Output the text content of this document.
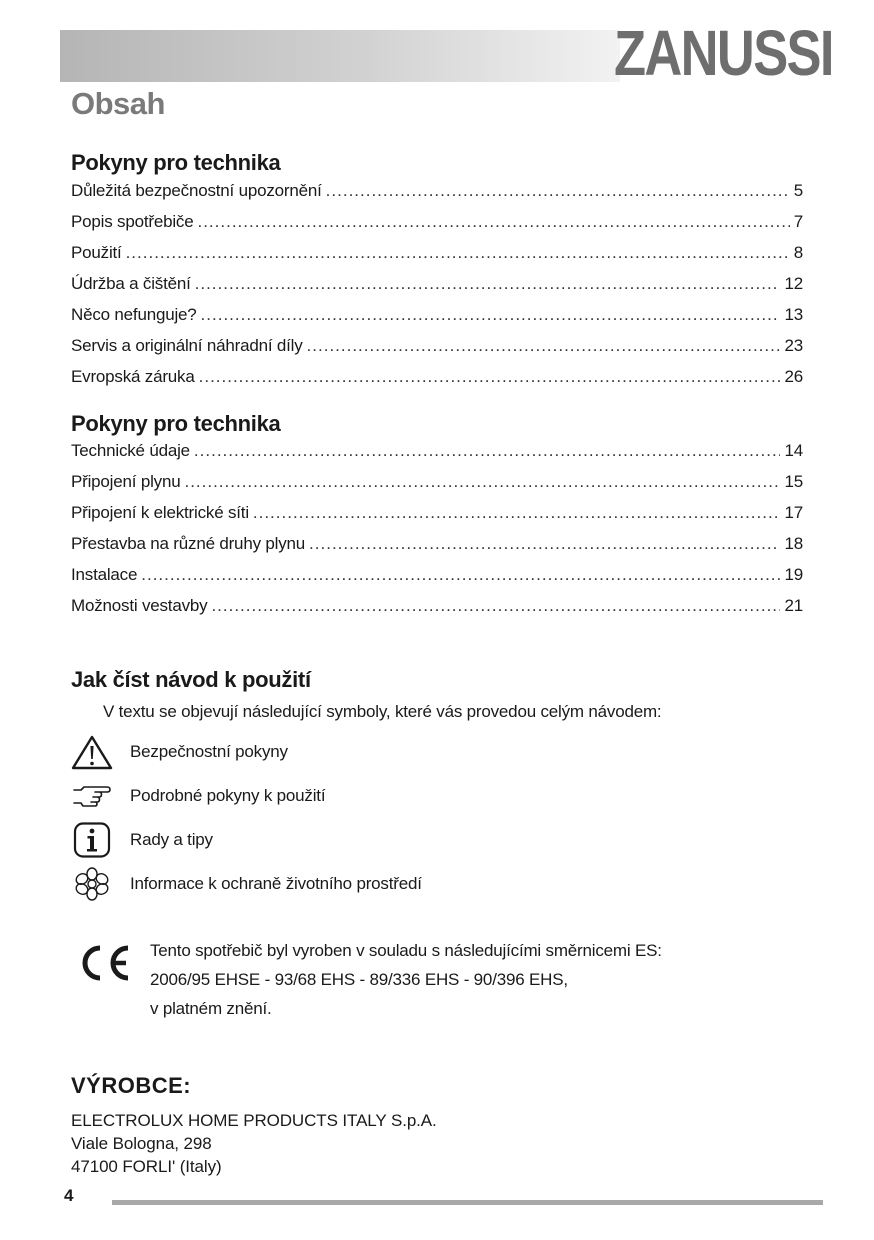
ZANUSSI
Obsah
Pokyny pro technika
Důležitá bezpečnostní upozornění .....	5
Popis spotřebiče .....	7
Použití .....	8
Údržba a čištění .....	12
Něco nefunguje? .....	13
Servis a originální náhradní díly .....	23
Evropská záruka .....	26
Pokyny pro technika
Technické údaje .....	14
Připojení plynu .....	15
Připojení k elektrické síti .....	17
Přestavba na různé druhy plynu .....	18
Instalace .....	19
Možnosti vestavby .....	21
Jak číst návod k použití
V textu se objevují následující symboly, které vás provedou celým návodem:
Bezpečnostní pokyny
Podrobné pokyny k použití
Rady a tipy
Informace k ochraně životního prostředí
Tento spotřebič byl vyroben v souladu s následujícími směrnicemi ES:
2006/95 EHSE - 93/68 EHS - 89/336 EHS - 90/396 EHS,
v platném znění.
VÝROBCE:
ELECTROLUX HOME PRODUCTS ITALY S.p.A.
Viale Bologna, 298
47100 FORLI' (Italy)
4
